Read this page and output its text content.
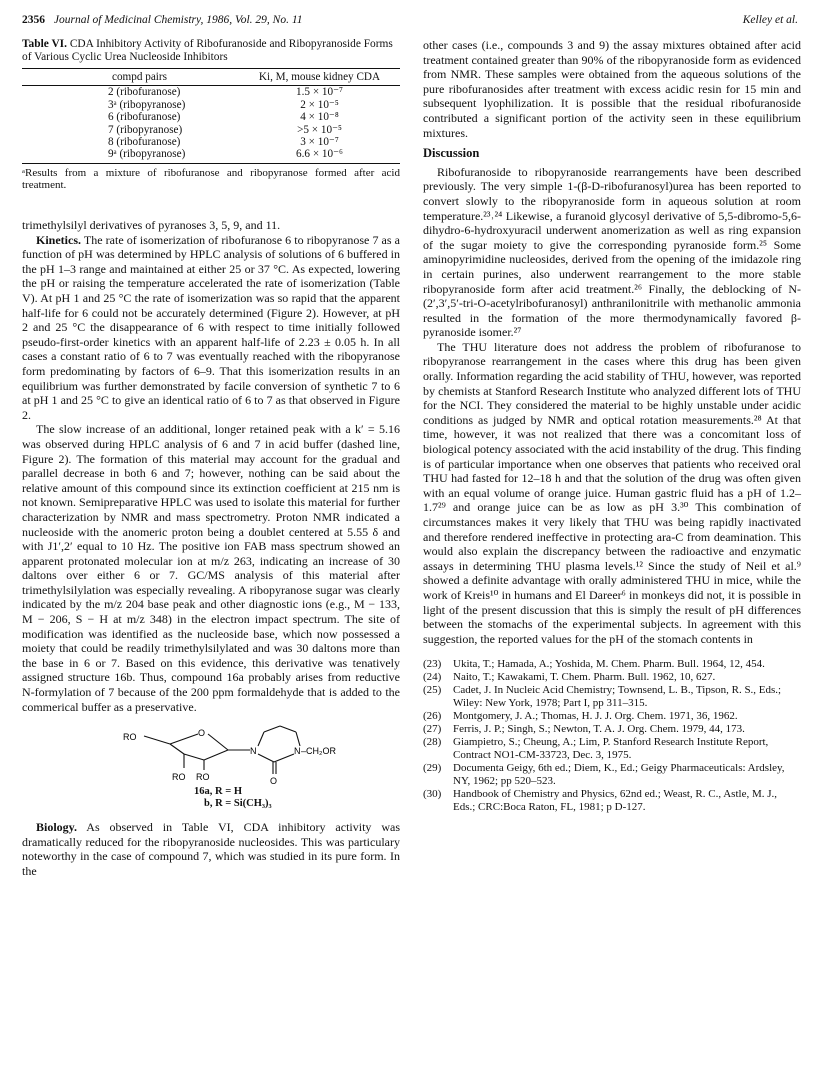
2356 Journal of Medicinal Chemistry, 1986, Vol. 29, No. 11	Kelley et al.
Table VI. CDA Inhibitory Activity of Ribofuranoside and Ribopyranoside Forms of Various Cyclic Urea Nucleoside Inhibitors
compd pairs	Ki, M, mouse kidney CDA
2 (ribofuranose)	1.5 × 10⁻⁷
3ᵃ (ribopyranose)	2 × 10⁻⁵
6 (ribofuranose)	4 × 10⁻⁸
7 (ribopyranose)	>5 × 10⁻⁵
8 (ribofuranose)	3 × 10⁻⁷
9ᵃ (ribopyranose)	6.6 × 10⁻⁶
ᵃResults from a mixture of ribofuranose and ribopyranose formed after acid treatment.

trimethylsilyl derivatives of pyranoses 3, 5, 9, and 11.

Kinetics. The rate of isomerization of ribofuranose 6 to ribopyranose 7 as a function of pH was determined by HPLC analysis of solutions of 6 buffered in the pH 1–3 range and maintained at either 25 or 37 °C. As expected, lowering the pH or raising the temperature accelerated the rate of isomerization (Table V). At pH 1 and 25 °C the rate of isomerization was so rapid that the apparent half-life for 6 could not be accurately determined (Figure 2). However, at pH 2 and 25 °C the disappearance of 6 with respect to time initially followed pseudo-first-order kinetics with an apparent half-life of 2.23 ± 0.05 h. In all cases a constant ratio of 6 to 7 was eventually reached with the ribopyranose form predominating by factors of 6–9. That this isomerization results in an equilibrium was further demonstrated by facile conversion of synthetic 7 to 6 at pH 1 and 25 °C to give an identical ratio of 6 to 7 as that observed in Figure 2.

The slow increase of an additional, longer retained peak with a k′ = 5.16 was observed during HPLC analysis of 6 and 7 in acid buffer (dashed line, Figure 2). The formation of this material may account for the gradual and parallel decrease in both 6 and 7; however, nothing can be said about the relative amount of this compound since its extinction coefficient at 215 nm is not known. Semipreparative HPLC was used to isolate this material for further characterization by NMR and mass spectrometry. Proton NMR indicated a nucleoside with the anomeric proton being a doublet centered at 5.55 δ and with J1′,2′ equal to 10 Hz. The positive ion FAB mass spectrum showed an apparent protonated molecular ion at m/z 263, indicating an increase of 30 daltons over either 6 or 7. GC/MS analysis of this material after trimethylsilylation was especially revealing. A ribopyranose sugar was clearly indicated by the m/z 204 base peak and other diagnostic ions (e.g., M − 133, M − 206, S − H at m/z 348) in the electron impact spectrum. The site of modification was identified as the nucleoside base, which now possessed a moiety that could be readily trimethylsilylated and was 30 daltons more than the base in 6 or 7. Based on this evidence, this derivative was tenatively assigned structure 16b. Thus, compound 16a probably arises from reductive N-formylation of 7 because of the 200 ppm formaldehyde that is added to the commerical buffer as a preservative.

RO	O
N	N –CH₂OR
RO
RO	O
16a, R = H
b, R = Si(CH₃)₃

Biology. As observed in Table VI, CDA inhibitory activity was dramatically reduced for the ribopyranoside nucleosides. This was particulary noteworthy in the case of compound 7, which was studied in its pure form. In the

other cases (i.e., compounds 3 and 9) the assay mixtures obtained after acid treatment contained greater than 90% of the ribopyranoside form as evidenced from NMR. These samples were obtained from the aqueous solutions of the pure ribofuranosides after treatment with excess acidic resin for 15 min and subsequent lyophilization. It is possible that the residual ribofuranoside contributed a significant portion of the activity seen in these equilibrium mixtures.

Discussion

Ribofuranoside to ribopyranoside rearrangements have been described previously. The very simple 1-(β-D-ribofuranosyl)urea has been reported to convert slowly to the ribopyranoside form in aqueous solution at room temperature.²³˒²⁴ Likewise, a furanoid glycosyl derivative of 5,5-dibromo-5,6-dihydro-6-hydroxyuracil underwent anomerization as well as ring expansion of the sugar moiety to give the corresponding pyranoside form.²⁵ Some aminopyrimidine nucleosides, derived from the opening of the imidazole ring in certain purines, also underwent rearrangement to the more stable ribopyranoside form after acid treatment.²⁶ Finally, the deblocking of N-(2′,3′,5′-tri-O-acetylribofuranosyl) anthranilonitrile with methanolic ammonia resulted in the formation of the more thermodynamically favored β-pyranoside isomer.²⁷

The THU literature does not address the problem of ribofuranose to ribopyranose rearrangement in the cases where this drug has been given orally. Information regarding the acid stability of THU, however, was reported by chemists at Stanford Research Institute who analyzed different lots of THU for the NCI. They considered the material to be highly unstable under acidic conditions as judged by NMR and optical rotation measurements.²⁸ At that time, however, it was not realized that there was a concomitant loss of biological potency associated with the acid instability of the drug. This finding is of particular importance when one observes that patients who received oral THU had fasted for 12–18 h and that the solution of the drug was often given with an equal volume of orange juice. Human gastric fluid has a pH of 1.2–1.7²⁹ and orange juice can be as low as pH 3.³⁰ This combination of circumstances makes it very likely that THU was being rapidly inactivated and therefore rendered ineffective in protecting ara-C from deamination. This would also explain the discrepancy between the radioactive and enzymatic assays in determining THU plasma levels.¹² Since the study of Neil et al.⁹ showed a definite advantage with orally administered THU in mice, while the work of Kreis¹⁰ in humans and El Dareer⁶ in monkeys did not, it is possible in light of the present discussion that this is simply the result of pH differences between the stomachs of the experimental subjects. In agreement with this suggestion, the reported values for the pH of the stomach contents in

(23)	Ukita, T.; Hamada, A.; Yoshida, M. Chem. Pharm. Bull. 1964, 12, 454.
(24)	Naito, T.; Kawakami, T. Chem. Pharm. Bull. 1962, 10, 627.
(25)	Cadet, J. In Nucleic Acid Chemistry; Townsend, L. B., Tipson, R. S., Eds.; Wiley: New York, 1978; Part I, pp 311–315.
(26)	Montgomery, J. A.; Thomas, H. J. J. Org. Chem. 1971, 36, 1962.
(27)	Ferris, J. P.; Singh, S.; Newton, T. A. J. Org. Chem. 1979, 44, 173.
(28)	Giampietro, S.; Cheung, A.; Lim, P. Stanford Research Institute Report, Contract NO1-CM-33723, Dec. 3, 1975.
(29)	Documenta Geigy, 6th ed.; Diem, K., Ed.; Geigy Pharmaceuticals: Ardsley, NY, 1962; pp 520–523.
(30)	Handbook of Chemistry and Physics, 62nd ed.; Weast, R. C., Astle, M. J., Eds.; CRC:Boca Raton, FL, 1981; p D-127.
